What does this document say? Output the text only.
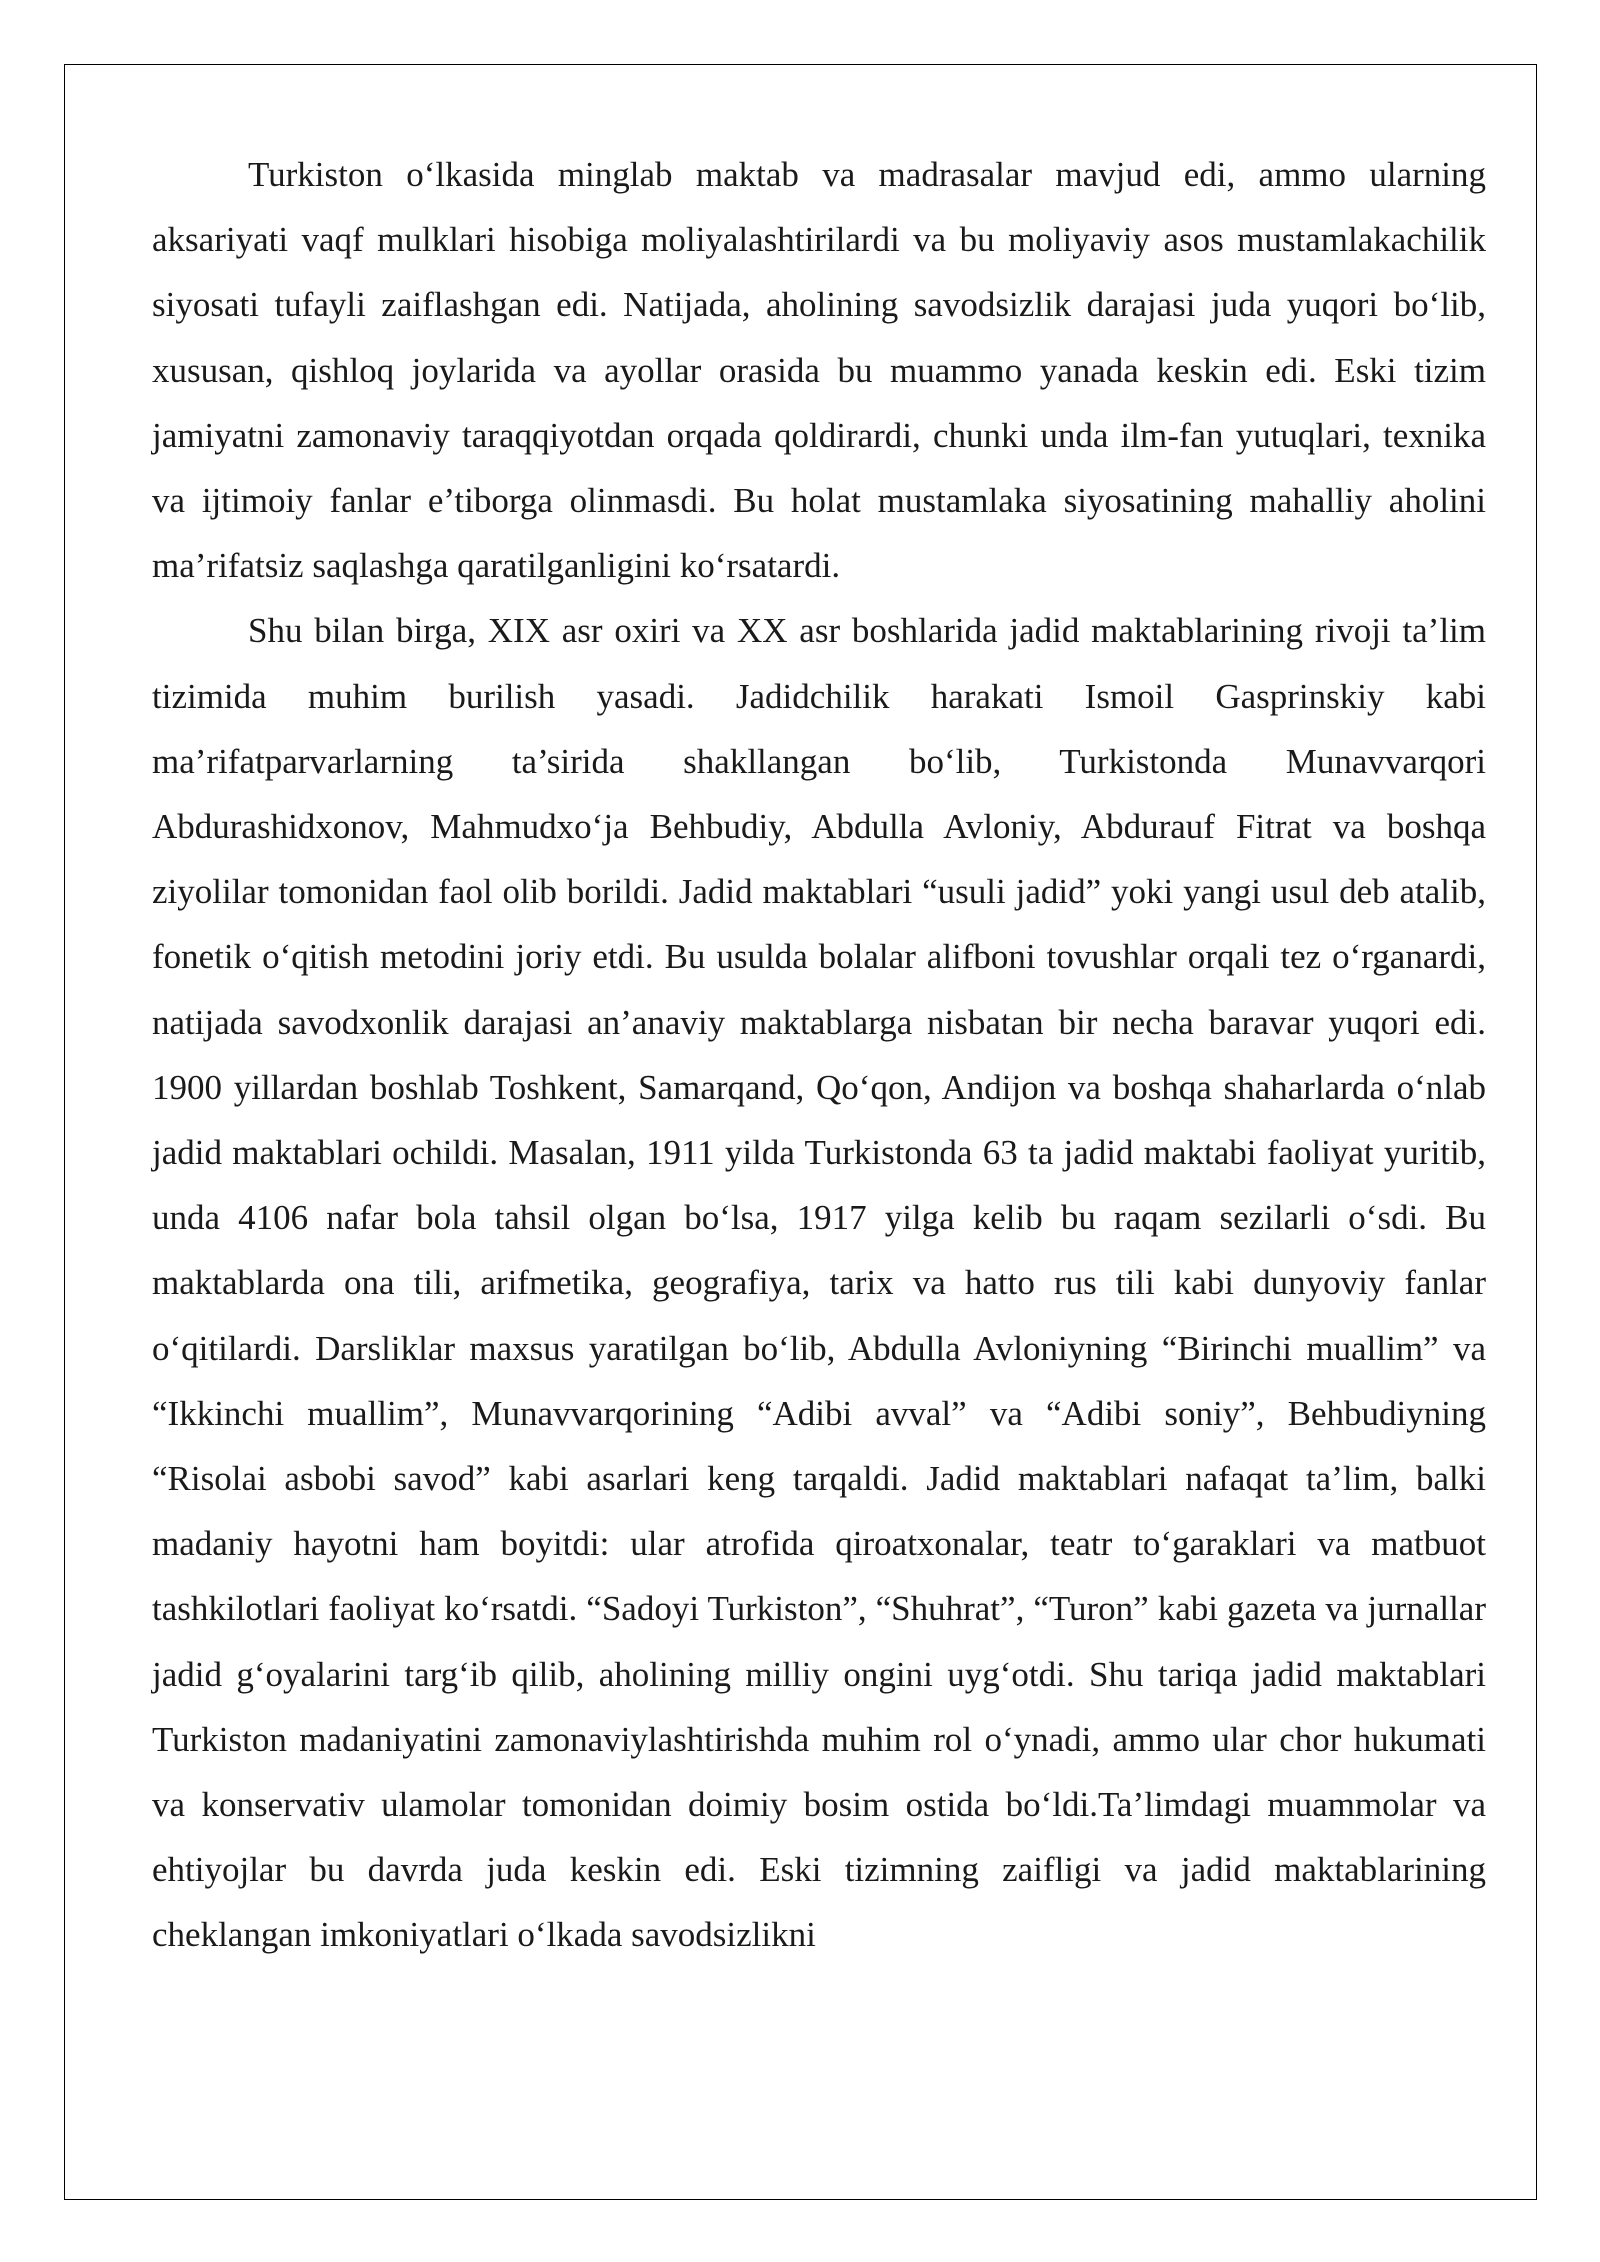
Turkiston oʻlkasida minglab maktab va madrasalar mavjud edi, ammo ularning aksariyati vaqf mulklari hisobiga moliyalashtirilardi va bu moliyaviy asos mustamlakachilik siyosati tufayli zaiflashgan edi. Natijada, aholining savodsizlik darajasi juda yuqori boʻlib, xususan, qishloq joylarida va ayollar orasida bu muammo yanada keskin edi. Eski tizim jamiyatni zamonaviy taraqqiyotdan orqada qoldirardi, chunki unda ilm-fan yutuqlari, texnika va ijtimoiy fanlar e’tiborga olinmasdi. Bu holat mustamlaka siyosatining mahalliy aholini ma’rifatsiz saqlashga qaratilganligini koʻrsatardi.

Shu bilan birga, XIX asr oxiri va XX asr boshlarida jadid maktablarining rivoji ta’lim tizimida muhim burilish yasadi. Jadidchilik harakati Ismoil Gasprinskiy kabi ma’rifatparvarlarning ta’sirida shakllangan boʻlib, Turkistonda Munavvarqori Abdurashidxonov, Mahmudxoʻja Behbudiy, Abdulla Avloniy, Abdurauf Fitrat va boshqa ziyolilar tomonidan faol olib borildi. Jadid maktablari “usuli jadid” yoki yangi usul deb atalib, fonetik oʻqitish metodini joriy etdi. Bu usulda bolalar alifboni tovushlar orqali tez oʻrganardi, natijada savodxonlik darajasi an’anaviy maktablarga nisbatan bir necha baravar yuqori edi. 1900 yillardan boshlab Toshkent, Samarqand, Qoʻqon, Andijon va boshqa shaharlarda oʻnlab jadid maktablari ochildi. Masalan, 1911 yilda Turkistonda 63 ta jadid maktabi faoliyat yuritib, unda 4106 nafar bola tahsil olgan boʻlsa, 1917 yilga kelib bu raqam sezilarli oʻsdi. Bu maktablarda ona tili, arifmetika, geografiya, tarix va hatto rus tili kabi dunyoviy fanlar oʻqitilardi. Darsliklar maxsus yaratilgan boʻlib, Abdulla Avloniyning “Birinchi muallim” va “Ikkinchi muallim”, Munavvarqorining “Adibi avval” va “Adibi soniy”, Behbudiyning “Risolai asbobi savod” kabi asarlari keng tarqaldi. Jadid maktablari nafaqat ta’lim, balki madaniy hayotni ham boyitdi: ular atrofida qiroatxonalar, teatr toʻgaraklari va matbuot tashkilotlari faoliyat koʻrsatdi. “Sadoyi Turkiston”, “Shuhrat”, “Turon” kabi gazeta va jurnallar jadid gʻoyalarini targʻib qilib, aholining milliy ongini uygʻotdi. Shu tariqa jadid maktablari Turkiston madaniyatini zamonaviylashtirishda muhim rol oʻynadi, ammo ular chor hukumati va konservativ ulamolar tomonidan doimiy bosim ostida boʻldi.Ta’limdagi muammolar va ehtiyojlar bu davrda juda keskin edi. Eski tizimning zaifligi va jadid maktablarining cheklangan imkoniyatlari oʻlkada savodsizlikni
